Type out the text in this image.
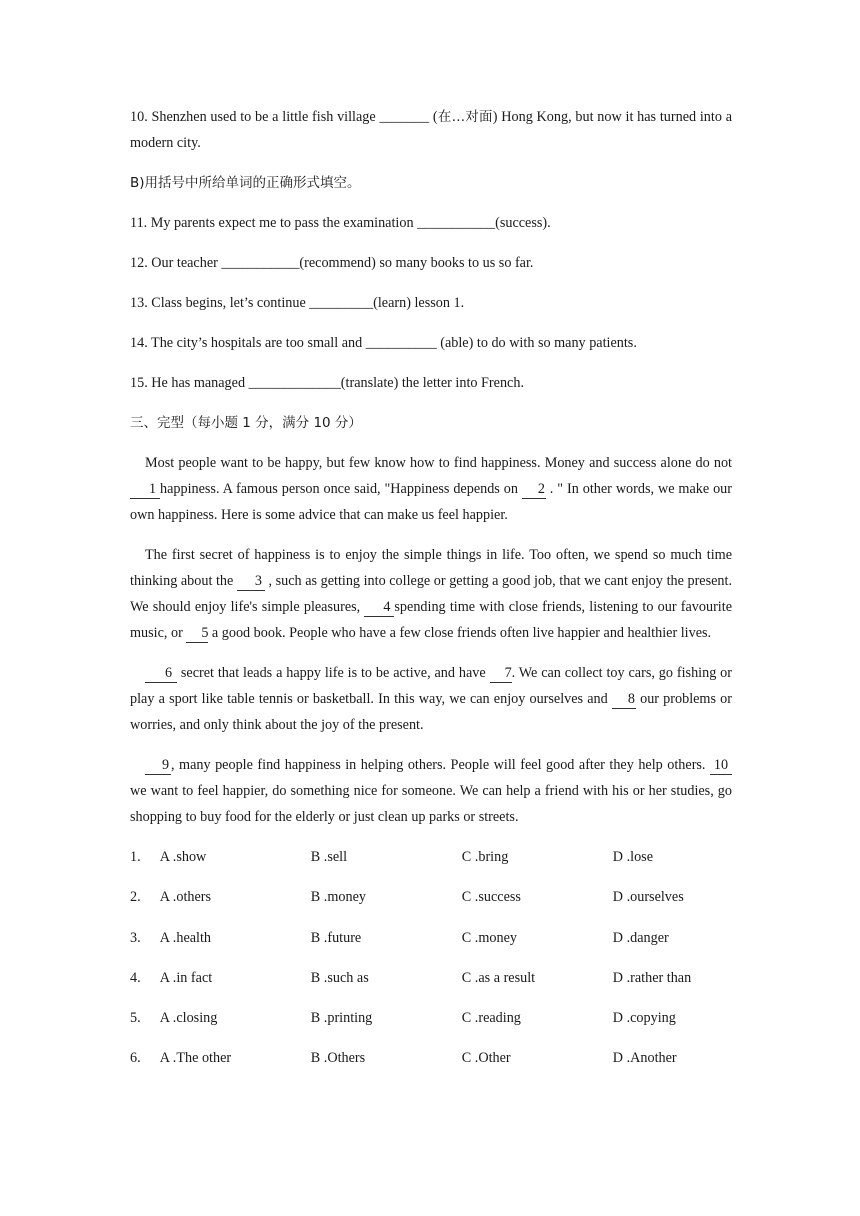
10. Shenzhen used to be a little fish village _______ (在…对面) Hong Kong, but now it has turned into a modern city.
B)用括号中所给单词的正确形式填空。
11. My parents expect me to pass the examination ___________(success).
12. Our teacher ___________(recommend) so many books to us so far.
13. Class begins, let’s continue _________(learn) lesson 1.
14. The city’s hospitals are too small and __________ (able) to do with so many patients.
15. He has managed _____________(translate) the letter into French.
三、完型（每小题 1 分，满分 10 分）

Most people want to be happy, but few know how to find happiness. Money and success alone do not 1 happiness. A famous person once said, "Happiness depends on 2 . " In other words, we make our own happiness. Here is some advice that can make us feel happier.

The first secret of happiness is to enjoy the simple things in life. Too often, we spend so much time thinking about the 3 , such as getting into college or getting a good job, that we cant enjoy the present. We should enjoy life's simple pleasures, 4 spending time with close friends, listening to our favourite music, or 5 a good book. People who have a few close friends often live happier and healthier lives.

6 secret that leads a happy life is to be active, and have 7. We can collect toy cars, go fishing or play a sport like table tennis or basketball. In this way, we can enjoy ourselves and 8 our problems or worries, and only think about the joy of the present.

9 , many people find happiness in helping others. People will feel good after they help others. 10 we want to feel happier, do something nice for someone. We can help a friend with his or her studies, go shopping to buy food for the elderly or just clean up parks or streets.

1.	A .show	B .sell	C .bring	D .lose
2.	A .others	B .money	C .success	D .ourselves
3.	A .health	B .future	C .money	D .danger
4.	A .in fact	B .such as	C .as a result	D .rather than
5.	A .closing	B .printing	C .reading	D .copying
6.	A .The other	B .Others	C .Other	D .Another
